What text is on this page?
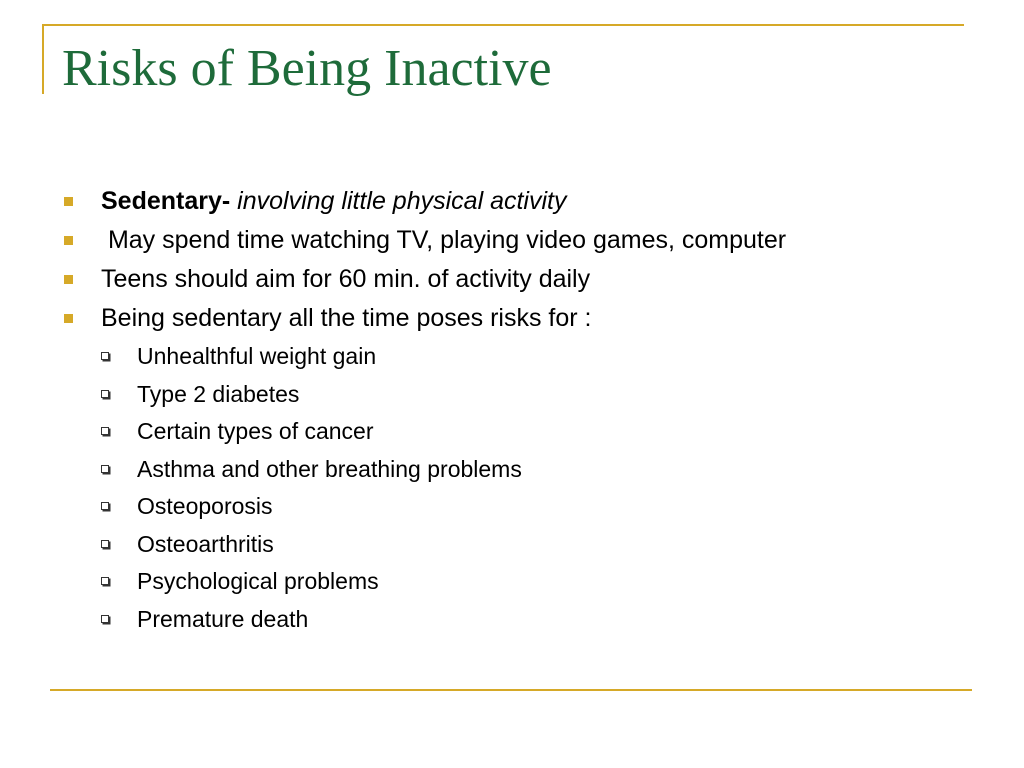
Risks of Being Inactive
Sedentary- involving little physical activity
May spend time watching TV, playing video games, computer
Teens should aim for 60 min. of activity daily
Being sedentary all the time poses risks for :
Unhealthful weight gain
Type 2 diabetes
Certain types of cancer
Asthma and other breathing problems
Osteoporosis
Osteoarthritis
Psychological problems
Premature death
